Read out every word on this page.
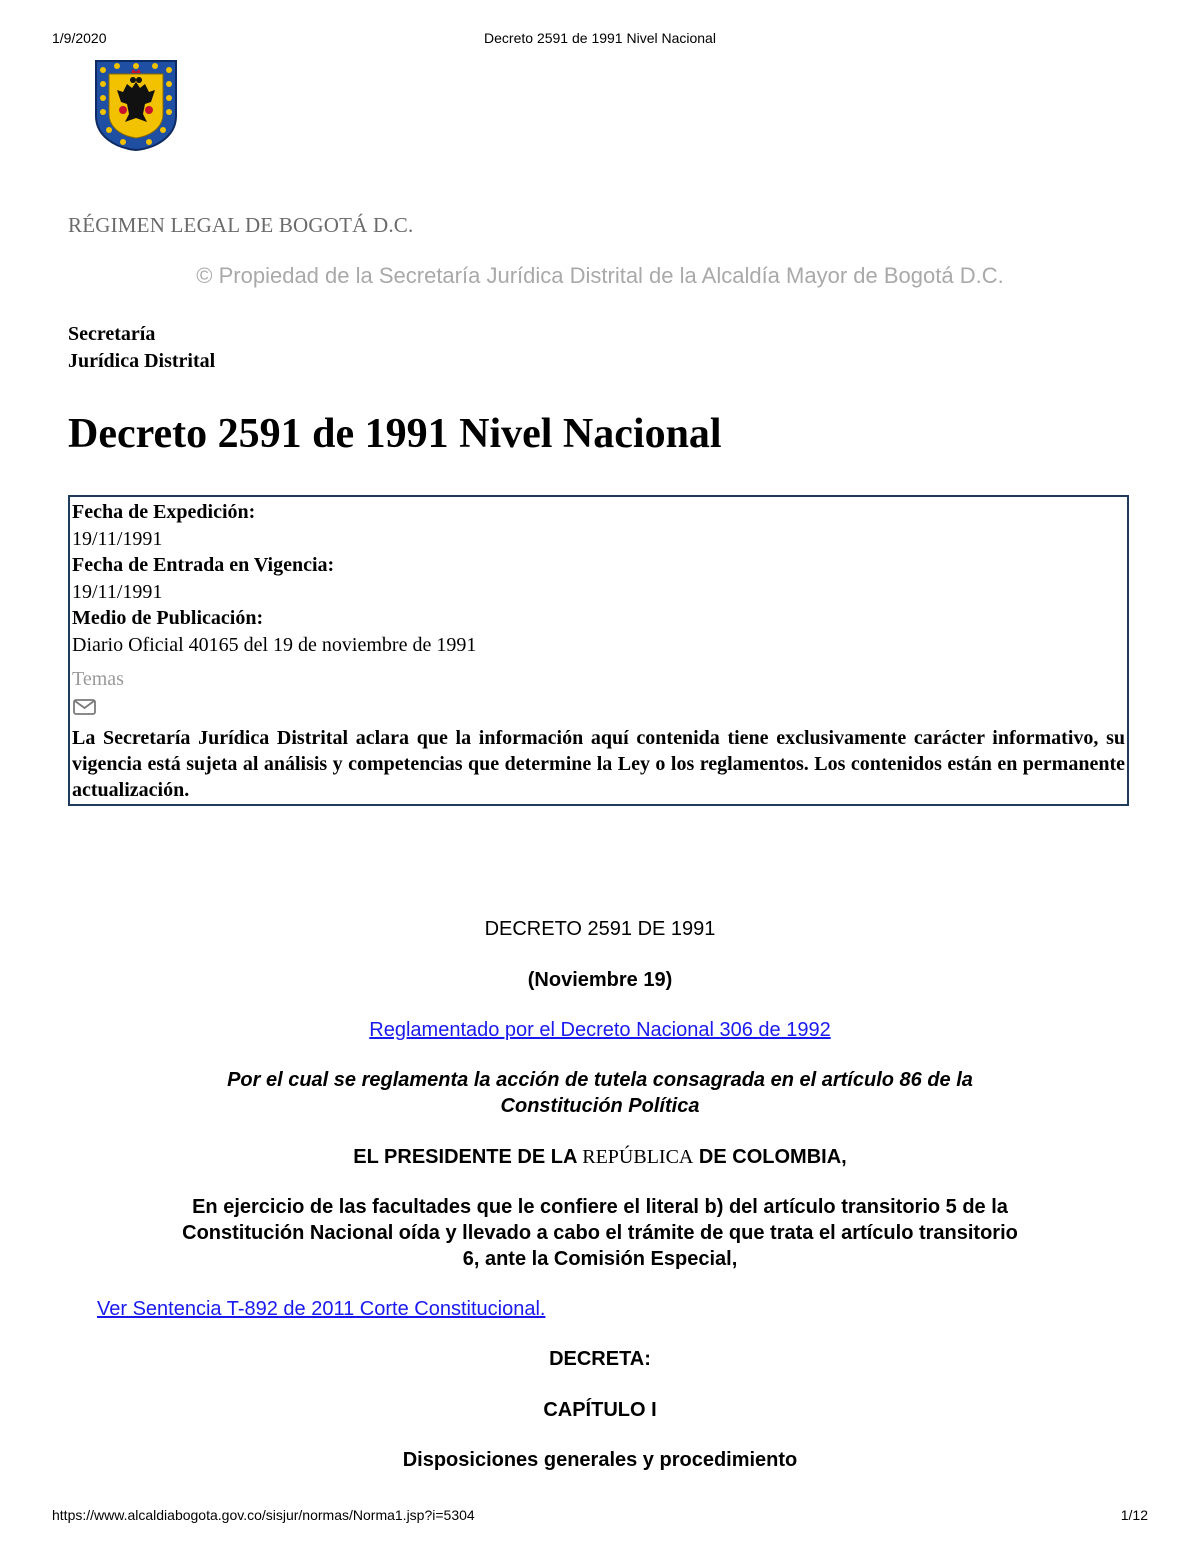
1/9/2020	Decreto 2591 de 1991 Nivel Nacional
RÉGIMEN LEGAL DE BOGOTÁ D.C.
© Propiedad de la Secretaría Jurídica Distrital de la Alcaldía Mayor de Bogotá D.C.
Secretaría
Jurídica Distrital
Decreto 2591 de 1991 Nivel Nacional
Fecha de Expedición:
19/11/1991
Fecha de Entrada en Vigencia:
19/11/1991
Medio de Publicación:
Diario Oficial 40165 del 19 de noviembre de 1991
Temas
La Secretaría Jurídica Distrital aclara que la información aquí contenida tiene exclusivamente carácter informativo, su vigencia está sujeta al análisis y competencias que determine la Ley o los reglamentos. Los contenidos están en permanente actualización.
DECRETO 2591 DE 1991
(Noviembre 19)
Reglamentado por el Decreto Nacional 306 de 1992
Por el cual se reglamenta la acción de tutela consagrada en el artículo 86 de la
Constitución Política
EL PRESIDENTE DE LA REPÚBLICA DE COLOMBIA,
En ejercicio de las facultades que le confiere el literal b) del artículo transitorio 5 de la
Constitución Nacional oída y llevado a cabo el trámite de que trata el artículo transitorio
6, ante la Comisión Especial,
Ver Sentencia T-892 de 2011 Corte Constitucional.
DECRETA:
CAPÍTULO I
Disposiciones generales y procedimiento
https://www.alcaldiabogota.gov.co/sisjur/normas/Norma1.jsp?i=5304	1/12
